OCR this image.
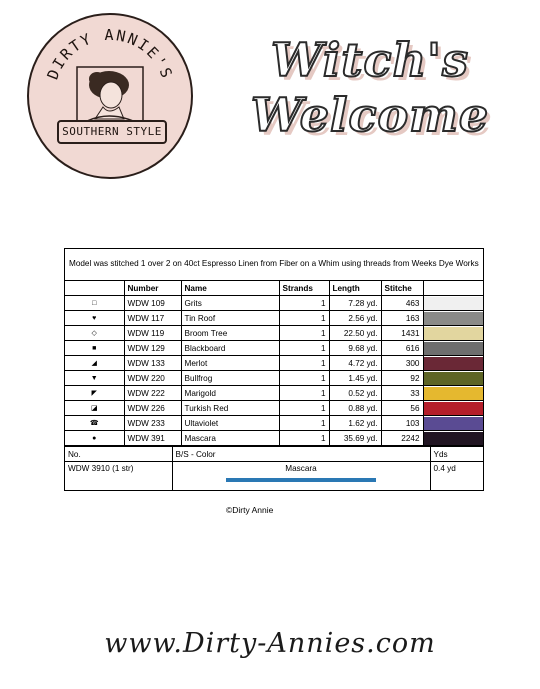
DIRTY ANNIE'S
SOUTHERN STYLE
Witch's
Welcome
Model was stitched 1 over 2 on 40ct Espresso Linen from Fiber on a Whim using threads from Weeks Dye Works
	Number	Name	Strands	Length	Stitche	
□	WDW 109	Grits	1	7.28 yd.	463	

♥	WDW 117	Tin Roof	1	2.56 yd.	163	

◇	WDW 119	Broom Tree	1	22.50 yd.	1431	

■	WDW 129	Blackboard	1	9.68 yd.	616	

◢	WDW 133	Merlot	1	4.72 yd.	300	

▼	WDW 220	Bullfrog	1	1.45 yd.	92	

◤	WDW 222	Marigold	1	0.52 yd.	33	

◪	WDW 226	Turkish Red	1	0.88 yd.	56	

☎	WDW 233	Ultaviolet	1	1.62 yd.	103	

●	WDW 391	Mascara	1	35.69 yd.	2242	
No.	B/S - Color	Yds
WDW 3910 (1 str)	Mascara	0.4 yd
©Dirty Annie
www.Dirty-Annies.com
